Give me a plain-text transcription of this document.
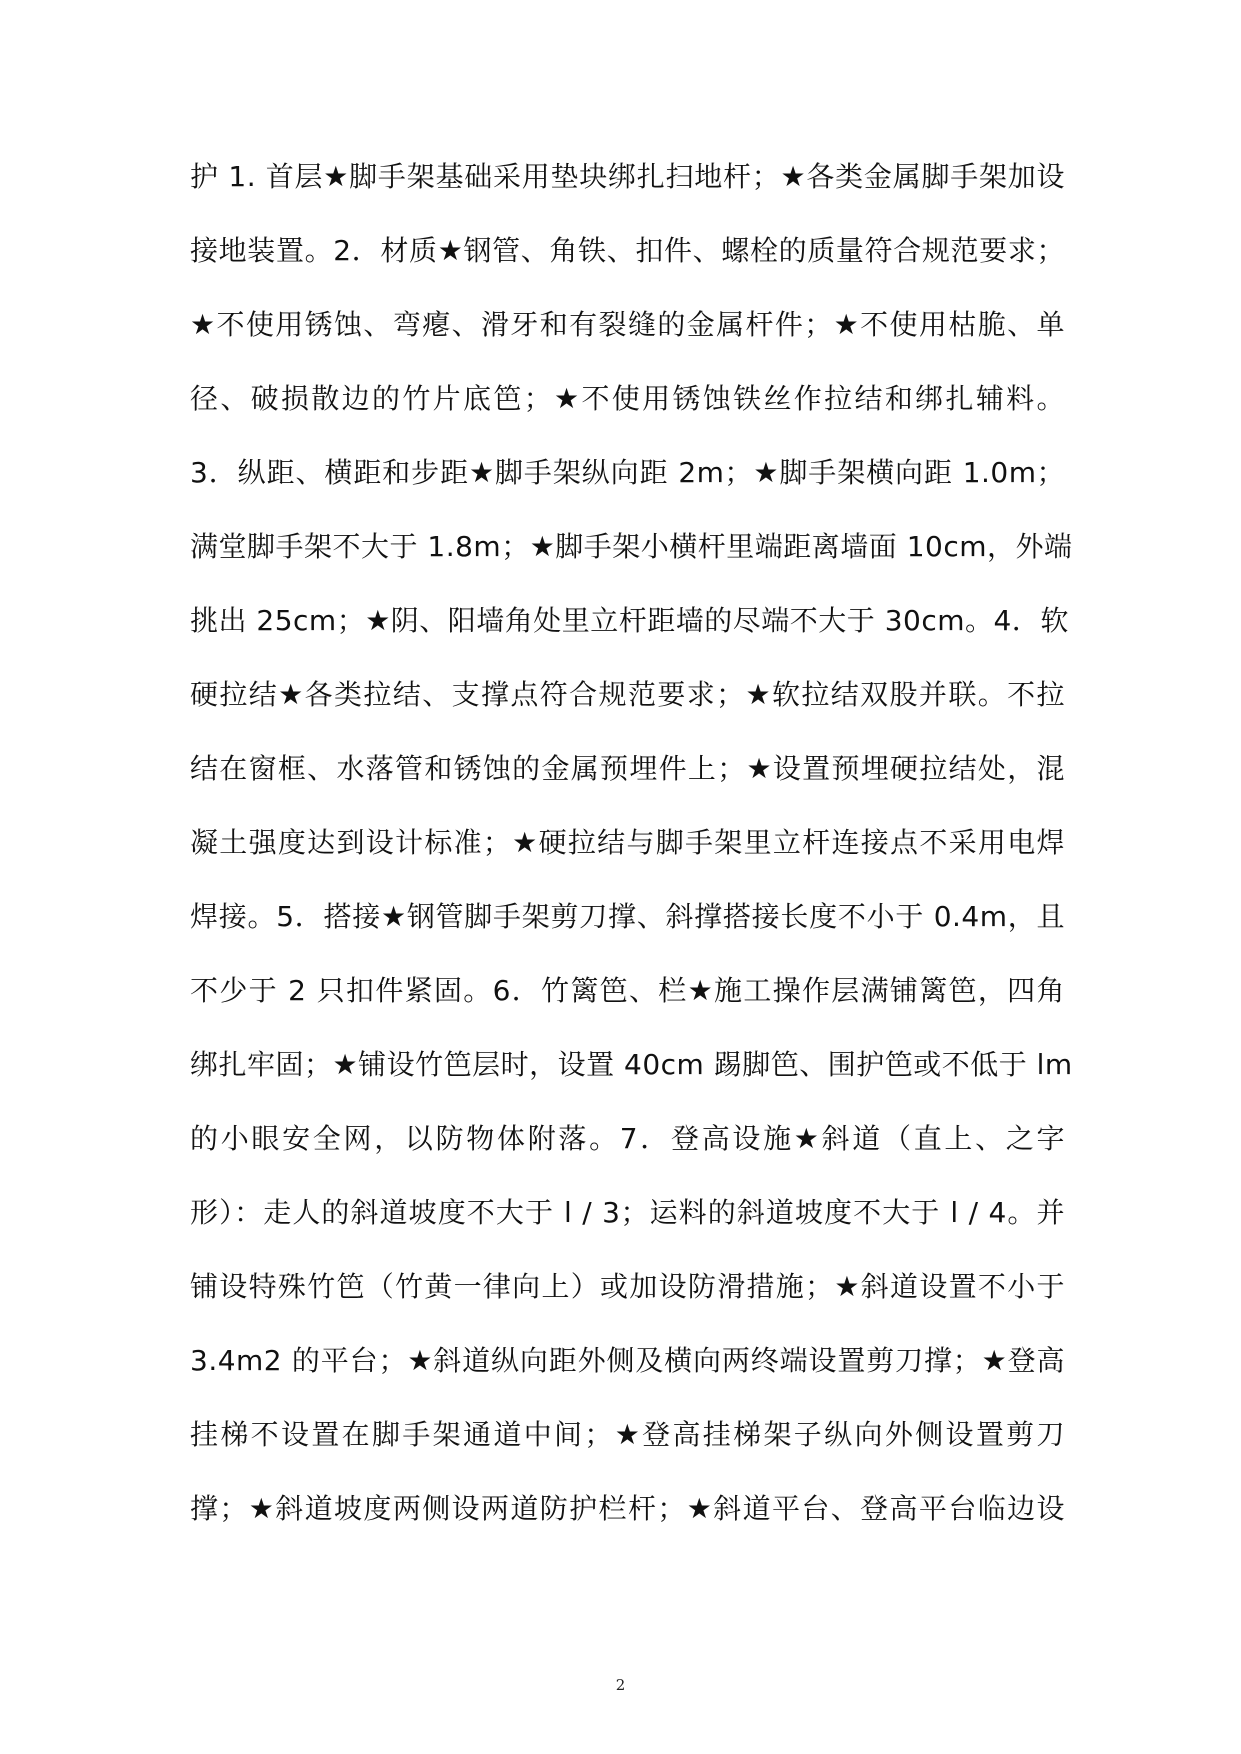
护 1. 首层★脚手架基础采用垫块绑扎扫地杆；★各类金属脚手架加设
接地装置。2．材质★钢管、角铁、扣件、螺栓的质量符合规范要求；
★不使用锈蚀、弯瘪、滑牙和有裂缝的金属杆件；★不使用枯脆、单
径、破损散边的竹片底笆；★不使用锈蚀铁丝作拉结和绑扎辅料。
3．纵距、横距和步距★脚手架纵向距 2m；★脚手架横向距 1.0m；
满堂脚手架不大于 1.8m；★脚手架小横杆里端距离墙面 10cm，外端
挑出 25cm；★阴、阳墙角处里立杆距墙的尽端不大于 30cm。4．软
硬拉结★各类拉结、支撑点符合规范要求；★软拉结双股并联。不拉
结在窗框、水落管和锈蚀的金属预埋件上；★设置预埋硬拉结处，混
凝土强度达到设计标准；★硬拉结与脚手架里立杆连接点不采用电焊
焊接。5．搭接★钢管脚手架剪刀撑、斜撑搭接长度不小于 0.4m，且
不少于 2 只扣件紧固。6．竹篱笆、栏★施工操作层满铺篱笆，四角
绑扎牢固；★铺设竹笆层时，设置 40cm 踢脚笆、围护笆或不低于 lm
的小眼安全网，以防物体附落。7．登高设施★斜道（直上、之字
形）：走人的斜道坡度不大于 l / 3；运料的斜道坡度不大于 l / 4。并
铺设特殊竹笆（竹黄一律向上）或加设防滑措施；★斜道设置不小于
3.4m2 的平台；★斜道纵向距外侧及横向两终端设置剪刀撑；★登高
挂梯不设置在脚手架通道中间；★登高挂梯架子纵向外侧设置剪刀
撑；★斜道坡度两侧设两道防护栏杆；★斜道平台、登高平台临边设
2
